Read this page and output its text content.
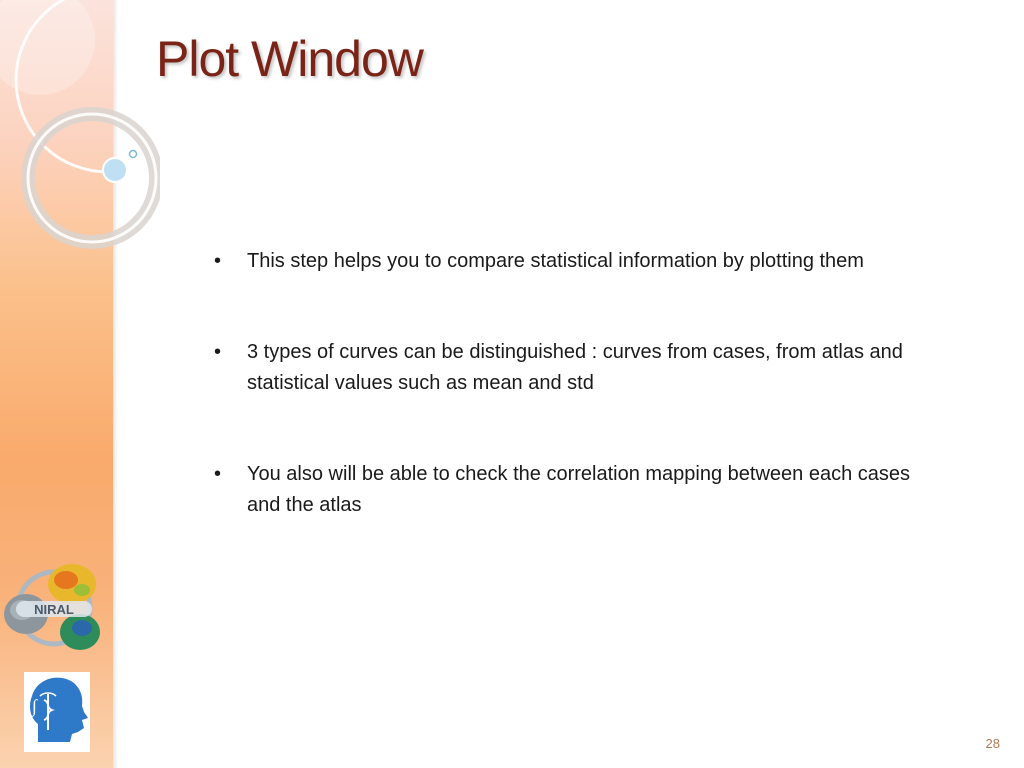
Plot Window
• This step helps you to compare statistical information by plotting them
• 3 types of curves can be distinguished : curves from cases, from atlas and statistical values such as mean and std
• You also will be able to check the correlation mapping between each cases and the atlas
NIRAL
∫
28
